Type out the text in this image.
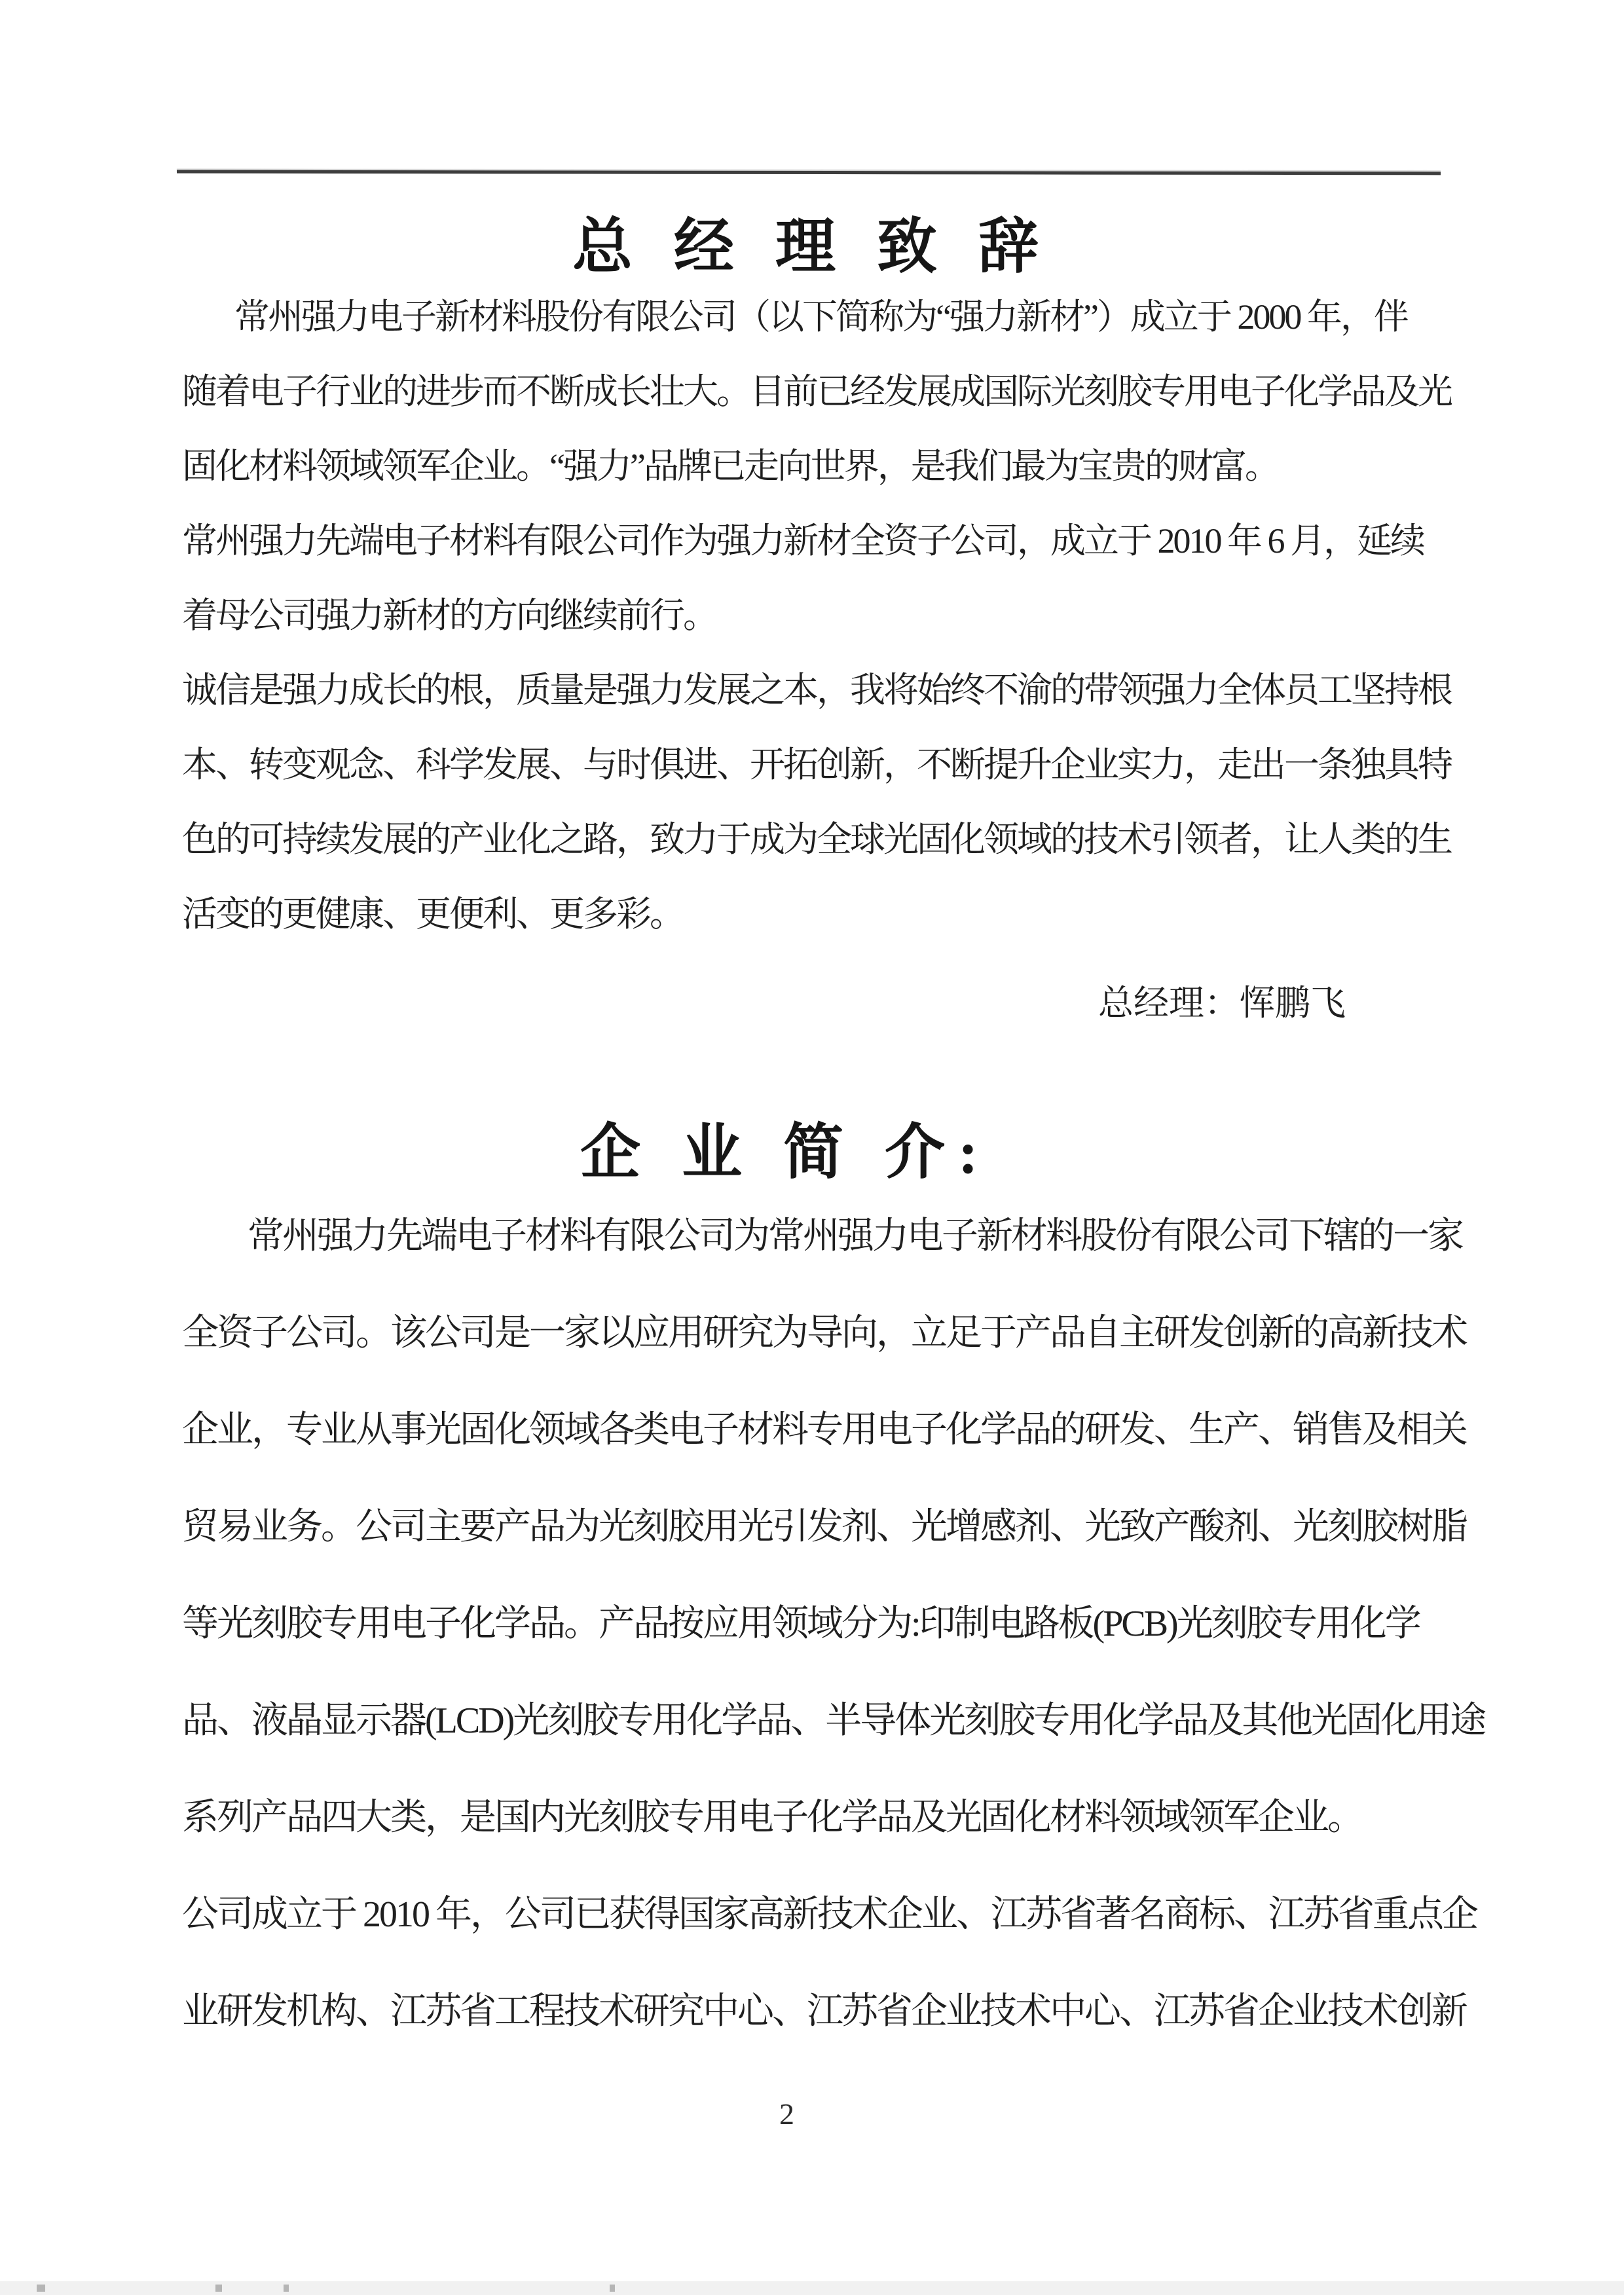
总 经 理 致 辞
常州强力电子新材料股份有限公司（以下简称为“强力新材”）成立于 2000 年，伴
随着电子行业的进步而不断成长壮大。目前已经发展成国际光刻胶专用电子化学品及光
固化材料领域领军企业。“强力”品牌已走向世界，是我们最为宝贵的财富。
常州强力先端电子材料有限公司作为强力新材全资子公司，成立于 2010 年 6 月，延续
着母公司强力新材的方向继续前行。
诚信是强力成长的根，质量是强力发展之本，我将始终不渝的带领强力全体员工坚持根
本、转变观念、科学发展、与时俱进、开拓创新，不断提升企业实力，走出一条独具特
色的可持续发展的产业化之路，致力于成为全球光固化领域的技术引领者，让人类的生
活变的更健康、更便利、更多彩。
总经理：恽鹏飞
企 业 简 介:
常州强力先端电子材料有限公司为常州强力电子新材料股份有限公司下辖的一家
全资子公司。该公司是一家以应用研究为导向，立足于产品自主研发创新的高新技术
企业，专业从事光固化领域各类电子材料专用电子化学品的研发、生产、销售及相关
贸易业务。公司主要产品为光刻胶用光引发剂、光增感剂、光致产酸剂、光刻胶树脂
等光刻胶专用电子化学品。产品按应用领域分为:印制电路板(PCB)光刻胶专用化学
品、液晶显示器(LCD)光刻胶专用化学品、半导体光刻胶专用化学品及其他光固化用途
系列产品四大类，是国内光刻胶专用电子化学品及光固化材料领域领军企业。
公司成立于 2010 年，公司已获得国家高新技术企业、江苏省著名商标、江苏省重点企
业研发机构、江苏省工程技术研究中心、江苏省企业技术中心、江苏省企业技术创新
2
